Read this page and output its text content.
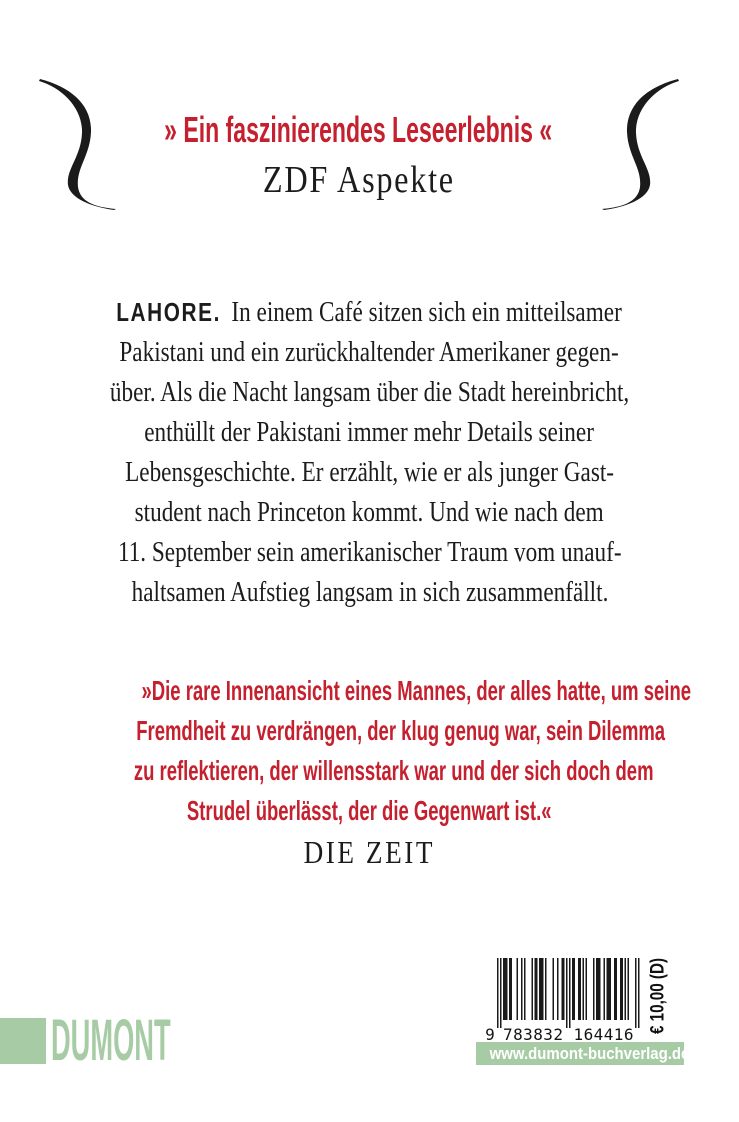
» Ein faszinierendes Leseerlebnis «
ZDF Aspekte
LAHORE. In einem Café sitzen sich ein mitteilsamer
Pakistani und ein zurückhaltender Amerikaner gegen-
über. Als die Nacht langsam über die Stadt hereinbricht,
enthüllt der Pakistani immer mehr Details seiner
Lebensgeschichte. Er erzählt, wie er als junger Gast-
student nach Princeton kommt. Und wie nach dem
11. September sein amerikanischer Traum vom unauf-
haltsamen Aufstieg langsam in sich zusammenfällt.
»Die rare Innenansicht eines Mannes, der alles hatte, um seine
Fremdheit zu verdrängen, der klug genug war, sein Dilemma
zu reflektieren, der willensstark war und der sich doch dem
Strudel überlässt, der die Gegenwart ist.«
DIE ZEIT
9 783832 164416
€ 10,00 (D)
www.dumont-buchverlag.de
DUMONT
